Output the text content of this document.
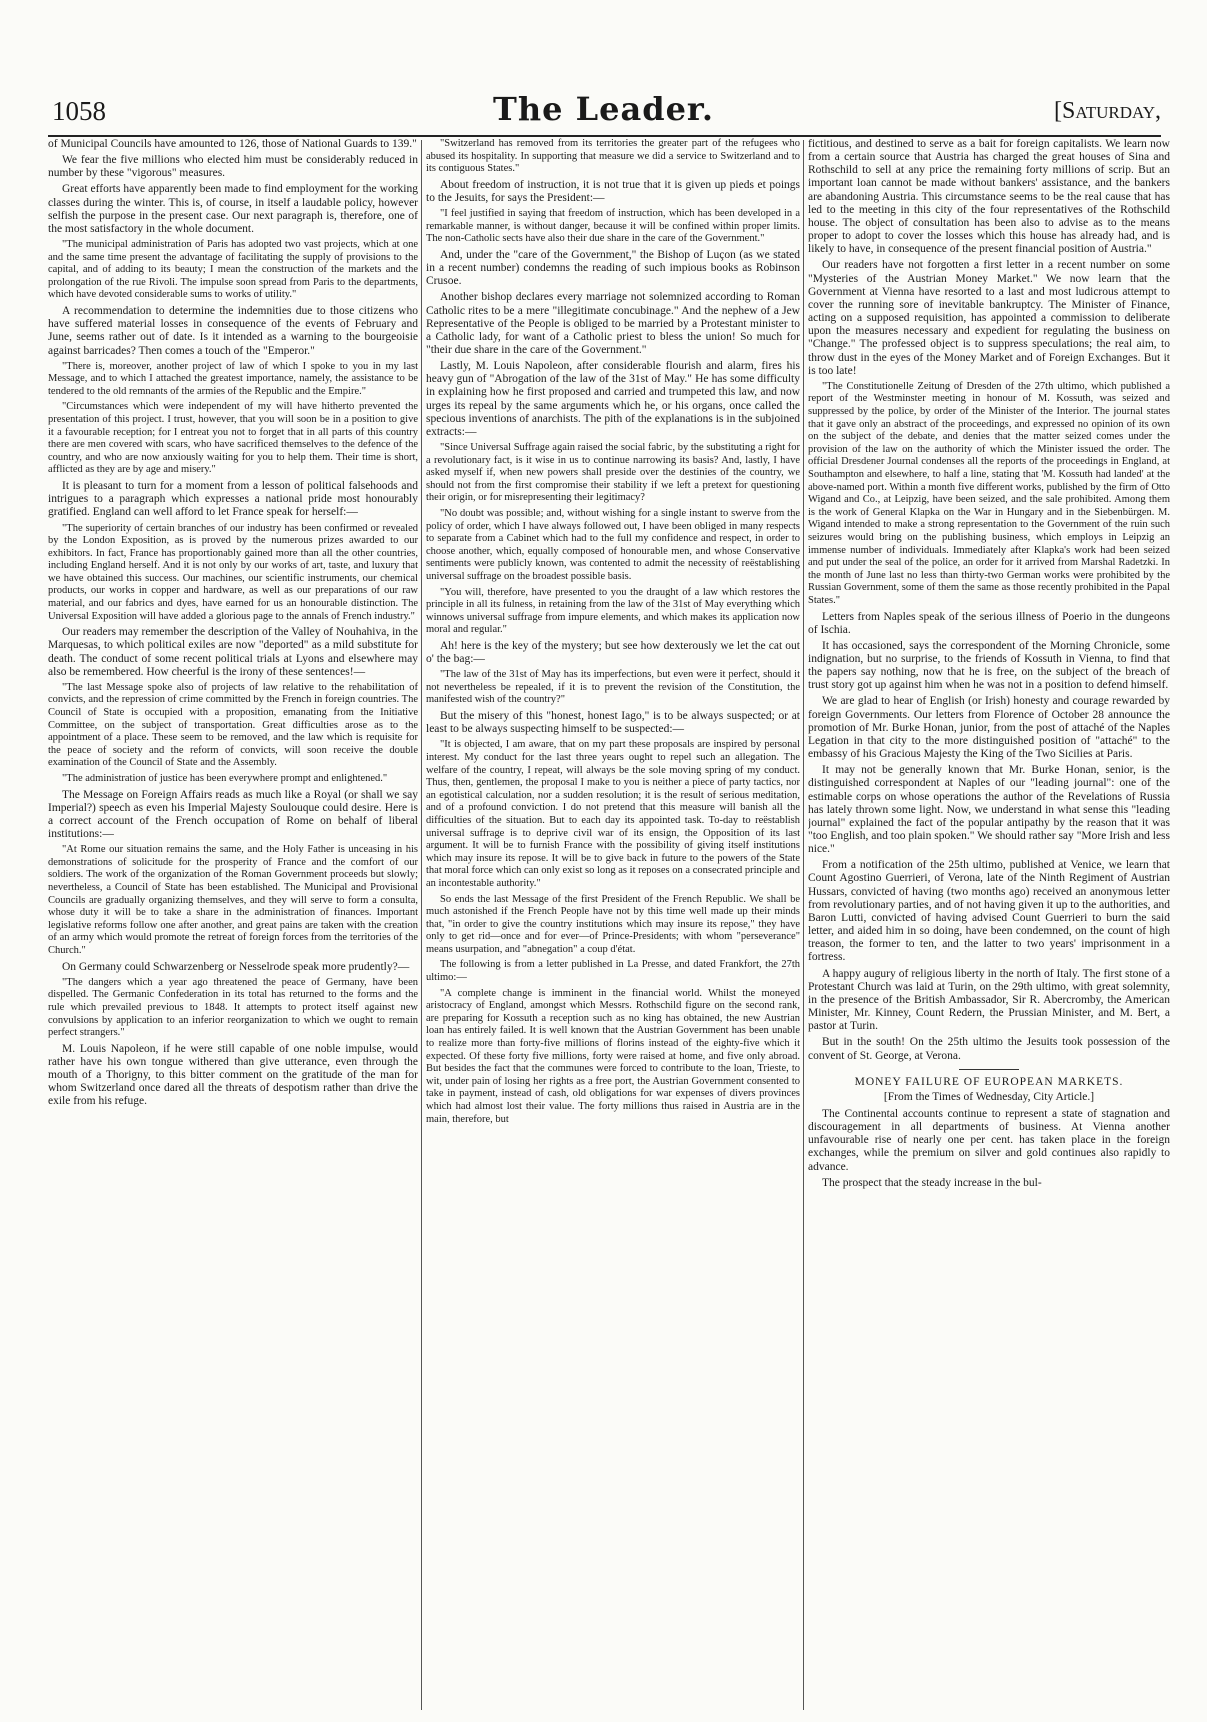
1058	The Leader.	[Saturday,

of Municipal Councils have amounted to 126, those of National Guards to 139."

We fear the five millions who elected him must be considerably reduced in number by these "vigorous" measures.

Great efforts have apparently been made to find employment for the working classes during the winter. This is, of course, in itself a laudable policy, however selfish the purpose in the present case. Our next paragraph is, therefore, one of the most satisfactory in the whole document.

"The municipal administration of Paris has adopted two vast projects, which at one and the same time present the advantage of facilitating the supply of provisions to the capital, and of adding to its beauty; I mean the construction of the markets and the prolongation of the rue Rivoli. The impulse soon spread from Paris to the departments, which have devoted considerable sums to works of utility."

A recommendation to determine the indemnities due to those citizens who have suffered material losses in consequence of the events of February and June, seems rather out of date. Is it intended as a warning to the bourgeoisie against barricades? Then comes a touch of the "Emperor."

"There is, moreover, another project of law of which I spoke to you in my last Message, and to which I attached the greatest importance, namely, the assistance to be tendered to the old remnants of the armies of the Republic and the Empire."

"Circumstances which were independent of my will have hitherto prevented the presentation of this project. I trust, however, that you will soon be in a position to give it a favourable reception; for I entreat you not to forget that in all parts of this country there are men covered with scars, who have sacrificed themselves to the defence of the country, and who are now anxiously waiting for you to help them. Their time is short, afflicted as they are by age and misery."

It is pleasant to turn for a moment from a lesson of political falsehoods and intrigues to a paragraph which expresses a national pride most honourably gratified. England can well afford to let France speak for herself:—

"The superiority of certain branches of our industry has been confirmed or revealed by the London Exposition, as is proved by the numerous prizes awarded to our exhibitors. In fact, France has proportionably gained more than all the other countries, including England herself. And it is not only by our works of art, taste, and luxury that we have obtained this success. Our machines, our scientific instruments, our chemical products, our works in copper and hardware, as well as our preparations of our raw material, and our fabrics and dyes, have earned for us an honourable distinction. The Universal Exposition will have added a glorious page to the annals of French industry."

Our readers may remember the description of the Valley of Nouhahiva, in the Marquesas, to which political exiles are now "deported" as a mild substitute for death. The conduct of some recent political trials at Lyons and elsewhere may also be remembered. How cheerful is the irony of these sentences!—

"The last Message spoke also of projects of law relative to the rehabilitation of convicts, and the repression of crime committed by the French in foreign countries. The Council of State is occupied with a proposition, emanating from the Initiative Committee, on the subject of transportation. Great difficulties arose as to the appointment of a place. These seem to be removed, and the law which is requisite for the peace of society and the reform of convicts, will soon receive the double examination of the Council of State and the Assembly.

"The administration of justice has been everywhere prompt and enlightened."

The Message on Foreign Affairs reads as much like a Royal (or shall we say Imperial?) speech as even his Imperial Majesty Soulouque could desire. Here is a correct account of the French occupation of Rome on behalf of liberal institutions:—

"At Rome our situation remains the same, and the Holy Father is unceasing in his demonstrations of solicitude for the prosperity of France and the comfort of our soldiers. The work of the organization of the Roman Government proceeds but slowly; nevertheless, a Council of State has been established. The Municipal and Provisional Councils are gradually organizing themselves, and they will serve to form a consulta, whose duty it will be to take a share in the administration of finances. Important legislative reforms follow one after another, and great pains are taken with the creation of an army which would promote the retreat of foreign forces from the territories of the Church."

On Germany could Schwarzenberg or Nesselrode speak more prudently?—

"The dangers which a year ago threatened the peace of Germany, have been dispelled. The Germanic Confederation in its total has returned to the forms and the rule which prevailed previous to 1848. It attempts to protect itself against new convulsions by application to an inferior reorganization to which we ought to remain perfect strangers."

M. Louis Napoleon, if he were still capable of one noble impulse, would rather have his own tongue withered than give utterance, even through the mouth of a Thorigny, to this bitter comment on the gratitude of the man for whom Switzerland once dared all the threats of despotism rather than drive the exile from his refuge.

"Switzerland has removed from its territories the greater part of the refugees who abused its hospitality. In supporting that measure we did a service to Switzerland and to its contiguous States."

About freedom of instruction, it is not true that it is given up pieds et poings to the Jesuits, for says the President:—

"I feel justified in saying that freedom of instruction, which has been developed in a remarkable manner, is without danger, because it will be confined within proper limits. The non-Catholic sects have also their due share in the care of the Government."

And, under the "care of the Government," the Bishop of Luçon (as we stated in a recent number) condemns the reading of such impious books as Robinson Crusoe.

Another bishop declares every marriage not solemnized according to Roman Catholic rites to be a mere "illegitimate concubinage." And the nephew of a Jew Representative of the People is obliged to be married by a Protestant minister to a Catholic lady, for want of a Catholic priest to bless the union! So much for "their due share in the care of the Government."

Lastly, M. Louis Napoleon, after considerable flourish and alarm, fires his heavy gun of "Abrogation of the law of the 31st of May." He has some difficulty in explaining how he first proposed and carried and trumpeted this law, and now urges its repeal by the same arguments which he, or his organs, once called the specious inventions of anarchists. The pith of the explanations is in the subjoined extracts:—

"Since Universal Suffrage again raised the social fabric, by the substituting a right for a revolutionary fact, is it wise in us to continue narrowing its basis? And, lastly, I have asked myself if, when new powers shall preside over the destinies of the country, we should not from the first compromise their stability if we left a pretext for questioning their origin, or for misrepresenting their legitimacy?

"No doubt was possible; and, without wishing for a single instant to swerve from the policy of order, which I have always followed out, I have been obliged in many respects to separate from a Cabinet which had to the full my confidence and respect, in order to choose another, which, equally composed of honourable men, and whose Conservative sentiments were publicly known, was contented to admit the necessity of reëstablishing universal suffrage on the broadest possible basis.

"You will, therefore, have presented to you the draught of a law which restores the principle in all its fulness, in retaining from the law of the 31st of May everything which winnows universal suffrage from impure elements, and which makes its application now moral and regular."

Ah! here is the key of the mystery; but see how dexterously we let the cat out o' the bag:—

"The law of the 31st of May has its imperfections, but even were it perfect, should it not nevertheless be repealed, if it is to prevent the revision of the Constitution, the manifested wish of the country?"

But the misery of this "honest, honest Iago," is to be always suspected; or at least to be always suspecting himself to be suspected:—

"It is objected, I am aware, that on my part these proposals are inspired by personal interest. My conduct for the last three years ought to repel such an allegation. The welfare of the country, I repeat, will always be the sole moving spring of my conduct. Thus, then, gentlemen, the proposal I make to you is neither a piece of party tactics, nor an egotistical calculation, nor a sudden resolution; it is the result of serious meditation, and of a profound conviction. I do not pretend that this measure will banish all the difficulties of the situation. But to each day its appointed task. To-day to reëstablish universal suffrage is to deprive civil war of its ensign, the Opposition of its last argument. It will be to furnish France with the possibility of giving itself institutions which may insure its repose. It will be to give back in future to the powers of the State that moral force which can only exist so long as it reposes on a consecrated principle and an incontestable authority."

So ends the last Message of the first President of the French Republic. We shall be much astonished if the French People have not by this time well made up their minds that, "in order to give the country institutions which may insure its repose," they have only to get rid—once and for ever—of Prince-Presidents; with whom "perseverance" means usurpation, and "abnegation" a coup d'état.

The following is from a letter published in La Presse, and dated Frankfort, the 27th ultimo:—

"A complete change is imminent in the financial world. Whilst the moneyed aristocracy of England, amongst which Messrs. Rothschild figure on the second rank, are preparing for Kossuth a reception such as no king has obtained, the new Austrian loan has entirely failed. It is well known that the Austrian Government has been unable to realize more than forty-five millions of florins instead of the eighty-five which it expected. Of these forty five millions, forty were raised at home, and five only abroad. But besides the fact that the communes were forced to contribute to the loan, Trieste, to wit, under pain of losing her rights as a free port, the Austrian Government consented to take in payment, instead of cash, old obligations for war expenses of divers provinces which had almost lost their value. The forty millions thus raised in Austria are in the main, therefore, but

fictitious, and destined to serve as a bait for foreign capitalists. We learn now from a certain source that Austria has charged the great houses of Sina and Rothschild to sell at any price the remaining forty millions of scrip. But an important loan cannot be made without bankers' assistance, and the bankers are abandoning Austria. This circumstance seems to be the real cause that has led to the meeting in this city of the four representatives of the Rothschild house. The object of consultation has been also to advise as to the means proper to adopt to cover the losses which this house has already had, and is likely to have, in consequence of the present financial position of Austria."

Our readers have not forgotten a first letter in a recent number on some "Mysteries of the Austrian Money Market." We now learn that the Government at Vienna have resorted to a last and most ludicrous attempt to cover the running sore of inevitable bankruptcy. The Minister of Finance, acting on a supposed requisition, has appointed a commission to deliberate upon the measures necessary and expedient for regulating the business on "Change." The professed object is to suppress speculations; the real aim, to throw dust in the eyes of the Money Market and of Foreign Exchanges. But it is too late!

"The Constitutionelle Zeitung of Dresden of the 27th ultimo, which published a report of the Westminster meeting in honour of M. Kossuth, was seized and suppressed by the police, by order of the Minister of the Interior. The journal states that it gave only an abstract of the proceedings, and expressed no opinion of its own on the subject of the debate, and denies that the matter seized comes under the provision of the law on the authority of which the Minister issued the order. The official Dresdener Journal condenses all the reports of the proceedings in England, at Southampton and elsewhere, to half a line, stating that 'M. Kossuth had landed' at the above-named port. Within a month five different works, published by the firm of Otto Wigand and Co., at Leipzig, have been seized, and the sale prohibited. Among them is the work of General Klapka on the War in Hungary and in the Siebenbürgen. M. Wigand intended to make a strong representation to the Government of the ruin such seizures would bring on the publishing business, which employs in Leipzig an immense number of individuals. Immediately after Klapka's work had been seized and put under the seal of the police, an order for it arrived from Marshal Radetzki. In the month of June last no less than thirty-two German works were prohibited by the Russian Government, some of them the same as those recently prohibited in the Papal States."

Letters from Naples speak of the serious illness of Poerio in the dungeons of Ischia.

It has occasioned, says the correspondent of the Morning Chronicle, some indignation, but no surprise, to the friends of Kossuth in Vienna, to find that the papers say nothing, now that he is free, on the subject of the breach of trust story got up against him when he was not in a position to defend himself.

We are glad to hear of English (or Irish) honesty and courage rewarded by foreign Governments. Our letters from Florence of October 28 announce the promotion of Mr. Burke Honan, junior, from the post of attaché of the Naples Legation in that city to the more distinguished position of "attaché" to the embassy of his Gracious Majesty the King of the Two Sicilies at Paris.

It may not be generally known that Mr. Burke Honan, senior, is the distinguished correspondent at Naples of our "leading journal": one of the estimable corps on whose operations the author of the Revelations of Russia has lately thrown some light. Now, we understand in what sense this "leading journal" explained the fact of the popular antipathy by the reason that it was "too English, and too plain spoken." We should rather say "More Irish and less nice."

From a notification of the 25th ultimo, published at Venice, we learn that Count Agostino Guerrieri, of Verona, late of the Ninth Regiment of Austrian Hussars, convicted of having (two months ago) received an anonymous letter from revolutionary parties, and of not having given it up to the authorities, and Baron Lutti, convicted of having advised Count Guerrieri to burn the said letter, and aided him in so doing, have been condemned, on the count of high treason, the former to ten, and the latter to two years' imprisonment in a fortress.

A happy augury of religious liberty in the north of Italy. The first stone of a Protestant Church was laid at Turin, on the 29th ultimo, with great solemnity, in the presence of the British Ambassador, Sir R. Abercromby, the American Minister, Mr. Kinney, Count Redern, the Prussian Minister, and M. Bert, a pastor at Turin.

But in the south! On the 25th ultimo the Jesuits took possession of the convent of St. George, at Verona.

MONEY FAILURE OF EUROPEAN MARKETS.

[From the Times of Wednesday, City Article.]

The Continental accounts continue to represent a state of stagnation and discouragement in all departments of business. At Vienna another unfavourable rise of nearly one per cent. has taken place in the foreign exchanges, while the premium on silver and gold continues also rapidly to advance.

The prospect that the steady increase in the bul-
